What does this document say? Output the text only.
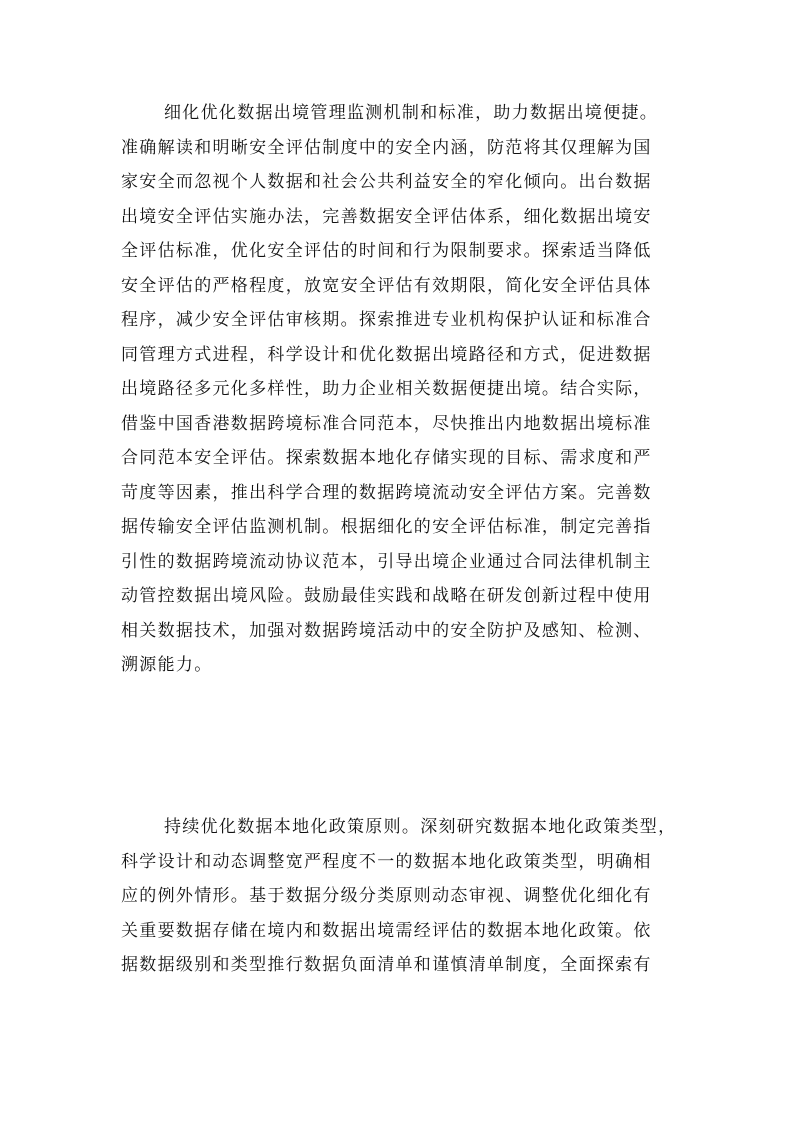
细化优化数据出境管理监测机制和标准，助力数据出境便捷。
准确解读和明晰安全评估制度中的安全内涵，防范将其仅理解为国
家安全而忽视个人数据和社会公共利益安全的窄化倾向。出台数据
出境安全评估实施办法，完善数据安全评估体系，细化数据出境安
全评估标准，优化安全评估的时间和行为限制要求。探索适当降低
安全评估的严格程度，放宽安全评估有效期限，简化安全评估具体
程序，减少安全评估审核期。探索推进专业机构保护认证和标准合
同管理方式进程，科学设计和优化数据出境路径和方式，促进数据
出境路径多元化多样性，助力企业相关数据便捷出境。结合实际，
借鉴中国香港数据跨境标准合同范本，尽快推出内地数据出境标准
合同范本安全评估。探索数据本地化存储实现的目标、需求度和严
苛度等因素，推出科学合理的数据跨境流动安全评估方案。完善数
据传输安全评估监测机制。根据细化的安全评估标准，制定完善指
引性的数据跨境流动协议范本，引导出境企业通过合同法律机制主
动管控数据出境风险。鼓励最佳实践和战略在研发创新过程中使用
相关数据技术，加强对数据跨境活动中的安全防护及感知、检测、
溯源能力。
持续优化数据本地化政策原则。深刻研究数据本地化政策类型，
科学设计和动态调整宽严程度不一的数据本地化政策类型，明确相
应的例外情形。基于数据分级分类原则动态审视、调整优化细化有
关重要数据存储在境内和数据出境需经评估的数据本地化政策。依
据数据级别和类型推行数据负面清单和谨慎清单制度，全面探索有
